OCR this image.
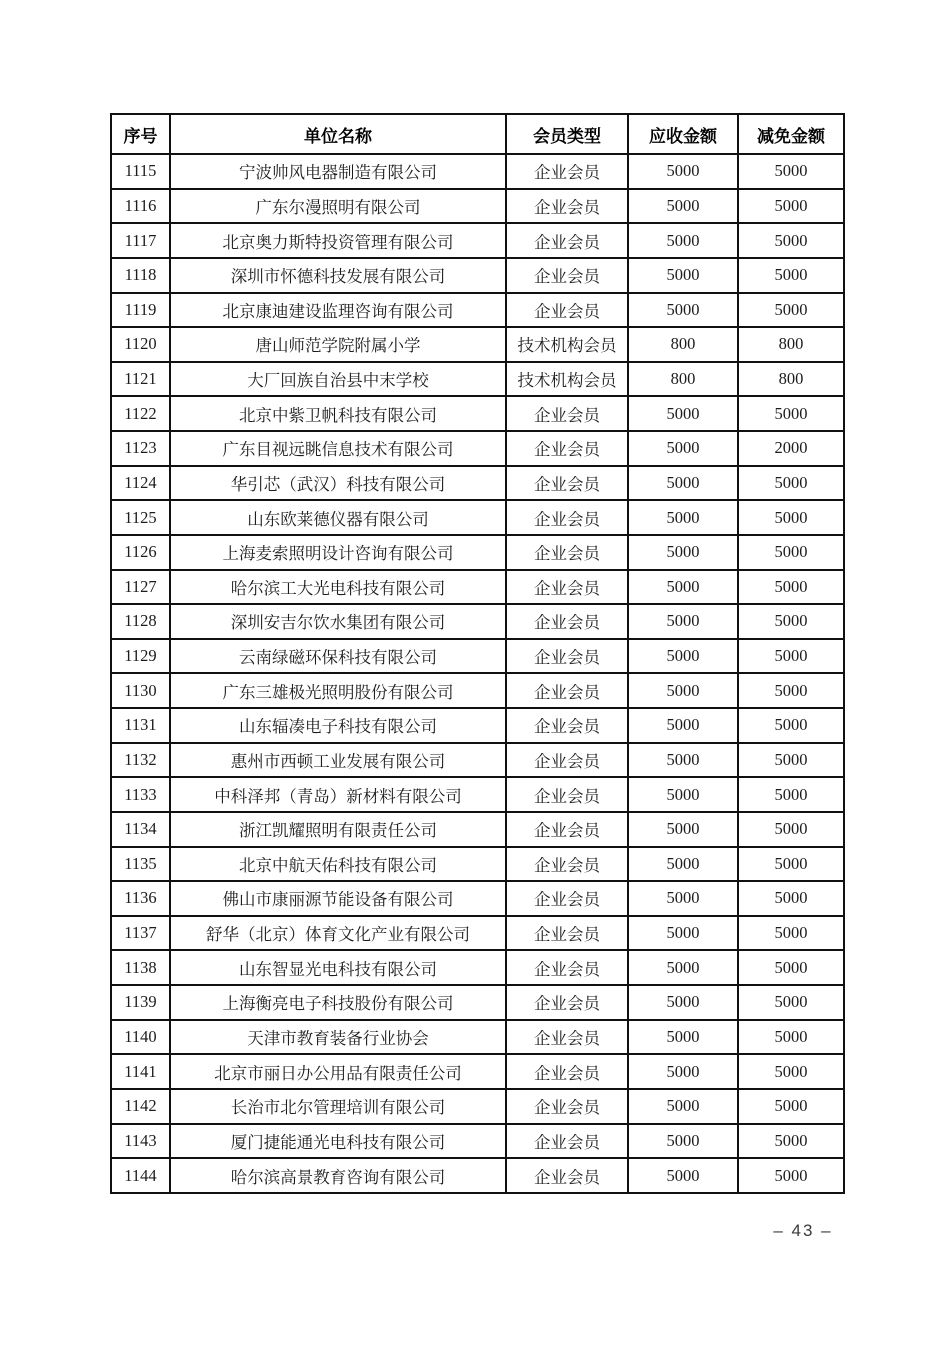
序号	单位名称	会员类型	应收金额	减免金额
1115	宁波帅风电器制造有限公司	企业会员	5000	5000
1116	广东尔漫照明有限公司	企业会员	5000	5000
1117	北京奥力斯特投资管理有限公司	企业会员	5000	5000
1118	深圳市怀德科技发展有限公司	企业会员	5000	5000
1119	北京康迪建设监理咨询有限公司	企业会员	5000	5000
1120	唐山师范学院附属小学	技术机构会员	800	800
1121	大厂回族自治县中末学校	技术机构会员	800	800
1122	北京中紫卫帆科技有限公司	企业会员	5000	5000
1123	广东目视远眺信息技术有限公司	企业会员	5000	2000
1124	华引芯（武汉）科技有限公司	企业会员	5000	5000
1125	山东欧莱德仪器有限公司	企业会员	5000	5000
1126	上海麦索照明设计咨询有限公司	企业会员	5000	5000
1127	哈尔滨工大光电科技有限公司	企业会员	5000	5000
1128	深圳安吉尔饮水集团有限公司	企业会员	5000	5000
1129	云南绿磁环保科技有限公司	企业会员	5000	5000
1130	广东三雄极光照明股份有限公司	企业会员	5000	5000
1131	山东辐凑电子科技有限公司	企业会员	5000	5000
1132	惠州市西顿工业发展有限公司	企业会员	5000	5000
1133	中科泽邦（青岛）新材料有限公司	企业会员	5000	5000
1134	浙江凯耀照明有限责任公司	企业会员	5000	5000
1135	北京中航天佑科技有限公司	企业会员	5000	5000
1136	佛山市康丽源节能设备有限公司	企业会员	5000	5000
1137	舒华（北京）体育文化产业有限公司	企业会员	5000	5000
1138	山东智显光电科技有限公司	企业会员	5000	5000
1139	上海衡亮电子科技股份有限公司	企业会员	5000	5000
1140	天津市教育装备行业协会	企业会员	5000	5000
1141	北京市丽日办公用品有限责任公司	企业会员	5000	5000
1142	长治市北尔管理培训有限公司	企业会员	5000	5000
1143	厦门捷能通光电科技有限公司	企业会员	5000	5000
1144	哈尔滨高景教育咨询有限公司	企业会员	5000	5000
– 43 –
